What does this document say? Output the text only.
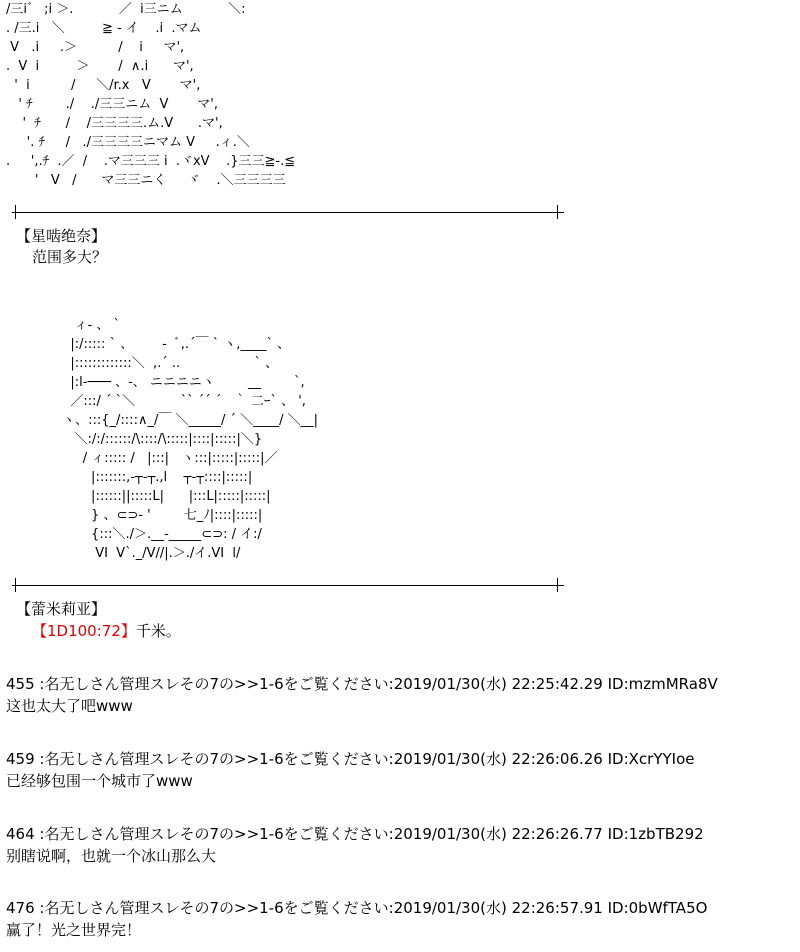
/三i゛ ;i ＞.           ／  i三ニム           ＼:
. /三.i   ＼         ≧ - イ    .i  .マム
V   .i     .＞          /    i     マ',
.  V  i         ＞       /  ∧.i      マ',
'  i          /     ＼/r.x   V       マ',
' ﾁ        ./    ./三三ニム  V       マ',
'  ﾁ      /    /三三三三.ム.V      .マ',
'. ﾁ     /   ./三三三三ニマム V     .ィ.＼
.     ',.ﾁ  .／  /    .マ三三三 i  .ヾxV    .}三三≧-.≦
'   V   /      マ三三ニく     ヾ    .＼三三三三
【星啮绝奈】
范围多大？
ィ- 、 `
|:/::::: ` 、       -  ﾞ,.´￣ ` ヽ,____` 、
|:::::::::::::＼  ,.´ ..                  ` 、
|:l-─── 、-、 ニニニニヽ        __        `,
／:::/ ´ `＼           `` ´´ ´   ｀ 二ｰ` 、 ',
ヽ、:::{_/::::∧_/￣ ＼_____/ ´ ＼____/ ＼__|
＼:/:/::::::/\::::/\:::::|::::|:::::|＼}
/ ィ::::: /   |:::|   ヽ:::|:::::|:::::|／
|:::::::,-┬-┬.,l    ┬-┬::::|:::::|
|::::::||:::::L|      |:::L|:::::|:::::|
} 、⊂⊃- '        七_ﾉ|::::|:::::|
{:::＼./＞.__-_____⊂⊃: / イ:/
VI  V`._/V//|.＞./イ.VI  l/
【蕾米莉亚】
【1D100:72】千米。
455 :名无しさん管理スレその7の>>1-6をご覧ください:2019/01/30(水) 22:25:42.29 ID:mzmMRa8V
这也太大了吧www
459 :名无しさん管理スレその7の>>1-6をご覧ください:2019/01/30(水) 22:26:06.26 ID:XcrYYIoe
已经够包围一个城市了www
464 :名无しさん管理スレその7の>>1-6をご覧ください:2019/01/30(水) 22:26:26.77 ID:1zbTB292
别瞎说啊，也就一个冰山那么大
476 :名无しさん管理スレその7の>>1-6をご覧ください:2019/01/30(水) 22:26:57.91 ID:0bWfTA5O
赢了！光之世界完！
